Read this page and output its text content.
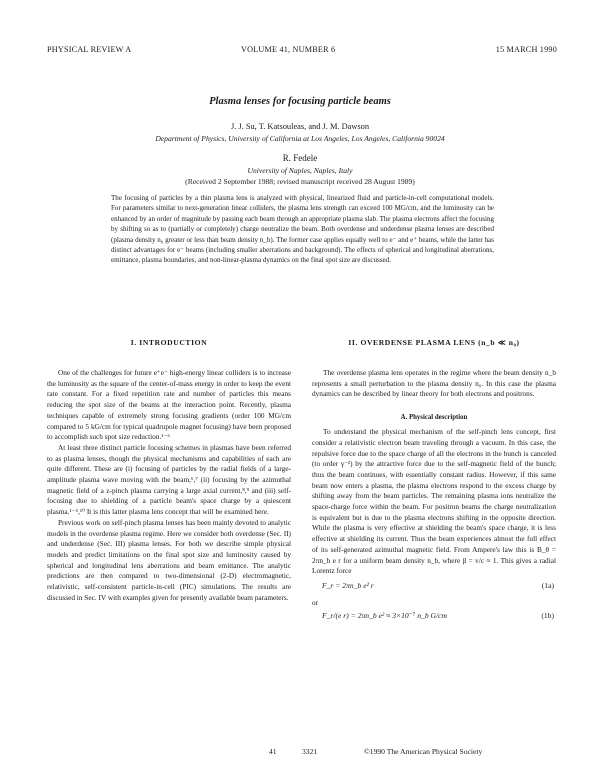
PHYSICAL REVIEW A	VOLUME 41, NUMBER 6	15 MARCH 1990
Plasma lenses for focusing particle beams
J. J. Su, T. Katsouleas, and J. M. Dawson
Department of Physics, University of California at Los Angeles, Los Angeles, California 90024
R. Fedele
University of Naples, Naples, Italy
(Received 2 September 1988; revised manuscript received 28 August 1989)

The focusing of particles by a thin plasma lens is analyzed with physical, linearized fluid and particle-in-cell computational models. For parameters similar to next-generation linear colliders, the plasma lens strength can exceed 100 MG/cm, and the luminosity can be enhanced by an order of magnitude by passing each beam through an appropriate plasma slab. The plasma electrons affect the focusing by shifting so as to (partially or completely) charge neutralize the beam. Both overdense and underdense plasma lenses are described (plasma density n₀ greater or less than beam density n_b). The former case applies equally well to e⁻ and e⁺ beams, while the latter has distinct advantages for e⁻ beams (including smaller aberrations and background). The effects of spherical and longitudinal aberrations, emittance, plasma boundaries, and non-linear-plasma dynamics on the final spot size are discussed.

I. INTRODUCTION

One of the challenges for future e⁺e⁻ high-energy linear colliders is to increase the luminosity as the square of the center-of-mass energy in order to keep the event rate constant. For a fixed repetition rate and number of particles this means reducing the spot size of the beams at the interaction point. Recently, plasma techniques capable of extremely strong focusing gradients (order 100 MG/cm compared to 5 kG/cm for typical quadrupole magnet focusing) have been proposed to accomplish such spot size reduction.¹⁻⁶

At least three distinct particle focusing schemes in plasmas have been referred to as plasma lenses, though the physical mechanisms and capabilities of each are quite different. These are (i) focusing of particles by the radial fields of a large-amplitude plasma wave moving with the beam,⁶,⁷ (ii) focusing by the azimuthal magnetic field of a z-pinch plasma carrying a large axial current,⁸,⁹ and (iii) self-focusing due to shielding of a particle beam's space charge by a quiescent plasma.¹⁻⁵,¹⁰ It is this latter plasma lens concept that will be examined here.

Previous work on self-pinch plasma lenses has been mainly devoted to analytic models in the overdense plasma regime. Here we consider both overdense (Sec. II) and underdense (Sec. III) plasma lenses. For both we describe simple physical models and predict limitations on the final spot size and luminosity caused by spherical and longitudinal lens aberrations and beam emittance. The analytic predictions are then compared to two-dimensional (2-D) electromagnetic, relativistic, self-consistent particle-in-cell (PIC) simulations. The results are discussed in Sec. IV with examples given for presently available beam parameters.

II. OVERDENSE PLASMA LENS (n_b ≪ n₀)

The overdense plasma lens operates in the regime where the beam density n_b represents a small perturbation to the plasma density n₀. In this case the plasma dynamics can be described by linear theory for both electrons and positrons.

A. Physical description

To understand the physical mechanism of the self-pinch lens concept, first consider a relativistic electron beam traveling through a vacuum. In this case, the repulsive force due to the space charge of all the electrons in the bunch is canceled (to order γ⁻²) by the attractive force due to the self-magnetic field of the bunch; thus the beam continues, with essentially constant radius. However, if this same beam now enters a plasma, the plasma electrons respond to the excess charge by shifting away from the beam particles. The remaining plasma ions neutralize the space-charge force within the beam. For positron beams the charge neutralization is equivalent but is due to the plasma electrons shifting in the opposite direction. While the plasma is very effective at shielding the beam's space charge, it is less effective at shielding its current. Thus the beam experiences almost the full effect of its self-generated azimuthal magnetic field. From Ampere's law this is B_θ = 2πn_b e r for a uniform beam density n_b, where β = v/c ≈ 1. This gives a radial Lorentz force

F_r = 2πn_b e² r	(1a)

or

F_r/(e r) = 2πn_b e² ≈ 3×10⁻⁷ n_b G/cm	(1b)
41	3321	©1990 The American Physical Society
